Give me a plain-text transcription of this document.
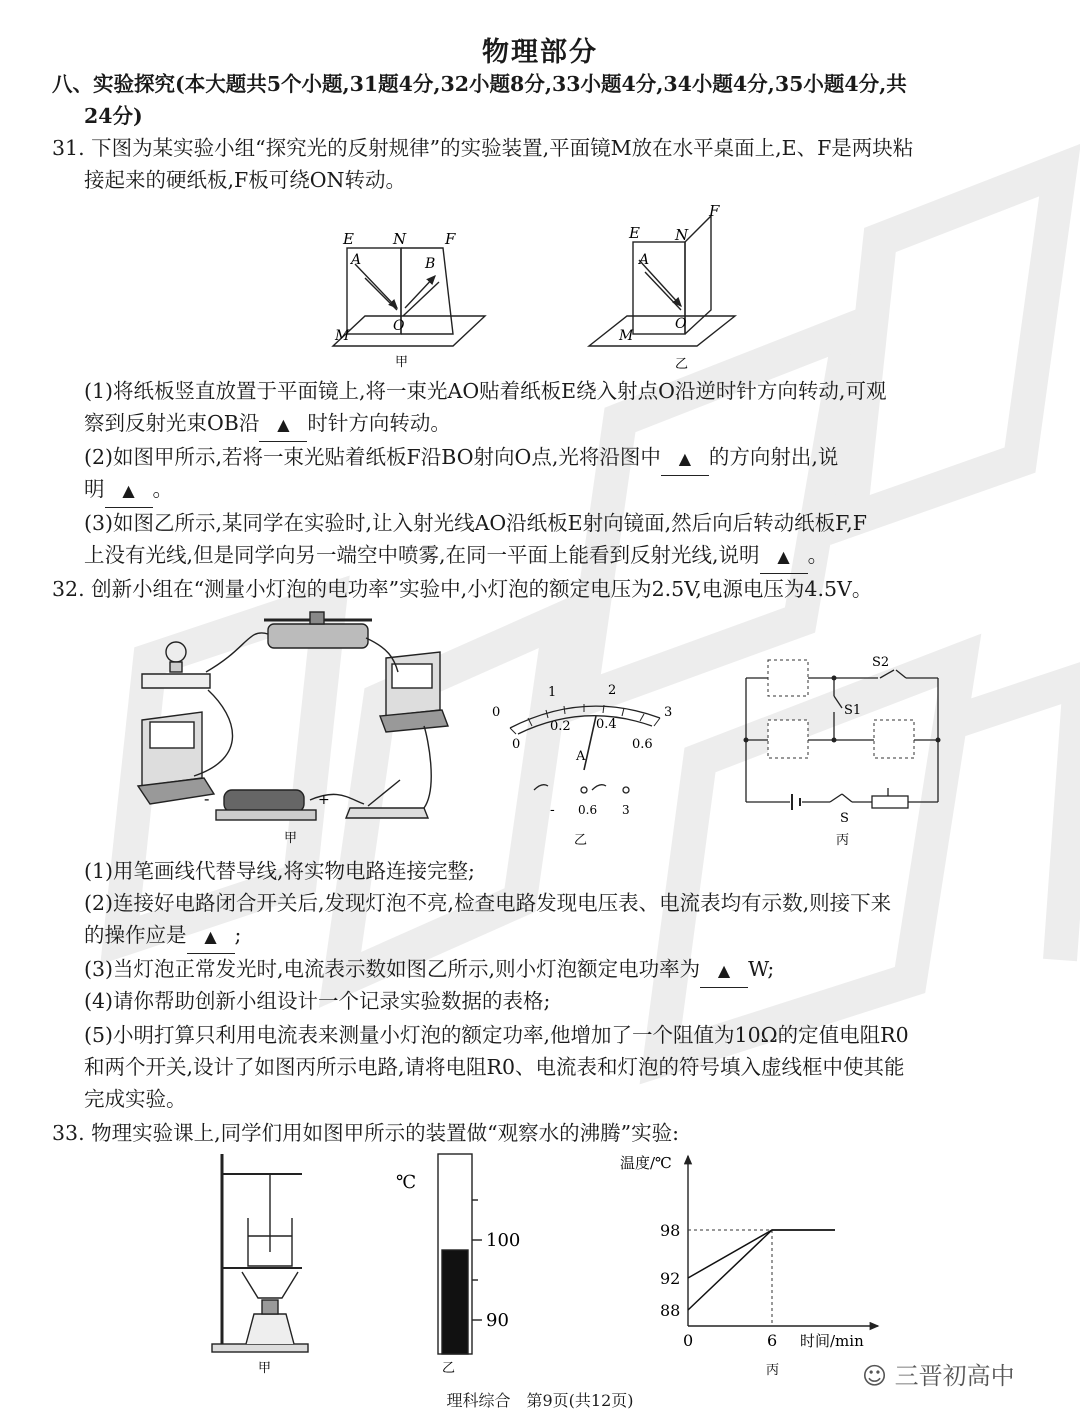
物理部分
八、实验探究(本大题共5个小题,31题4分,32小题8分,33小题4分,34小题4分,35小题4分,共
24分)
31. 下图为某实验小组“探究光的反射规律”的实验装置,平面镜M放在水平桌面上,E、F是两块粘
接起来的硬纸板,F板可绕ON转动。
E	N	F
A	B
O
M
甲
E N
F
A
O
M
乙
(1)将纸板竖直放置于平面镜上,将一束光AO贴着纸板E绕入射点O沿逆时针方向转动,可观
察到反射光束OB沿 ▲ 时针方向转动。
(2)如图甲所示,若将一束光贴着纸板F沿BO射向O点,光将沿图中 ▲ 的方向射出,说
明 ▲ 。
(3)如图乙所示,某同学在实验时,让入射光线AO沿纸板E射向镜面,然后向后转动纸板F,F
上没有光线,但是同学向另一端空中喷雾,在同一平面上能看到反射光线,说明 ▲ 。
32. 创新小组在“测量小灯泡的电功率”实验中,小灯泡的额定电压为2.5V,电源电压为4.5V。
-	+
甲
0
1	2
3
0
0.2 0.4
0.6
A
- 0.6 3
乙
S2
S1
S
丙
(1)用笔画线代替导线,将实物电路连接完整;
(2)连接好电路闭合开关后,发现灯泡不亮,检查电路发现电压表、电流表均有示数,则接下来
的操作应是 ▲ ;
(3)当灯泡正常发光时,电流表示数如图乙所示,则小灯泡额定电功率为 ▲ W;
(4)请你帮助创新小组设计一个记录实验数据的表格;
(5)小明打算只利用电流表来测量小灯泡的额定功率,他增加了一个阻值为10Ω的定值电阻R0
和两个开关,设计了如图丙所示电路,请将电阻R0、电流表和灯泡的符号填入虚线框中使其能
完成实验。
33. 物理实验课上,同学们用如图甲所示的装置做“观察水的沸腾”实验:
甲
℃
100
90
乙
温度/℃
时间/min
88
92
98
0	6
丙
理科综合　第9页(共12页)
☺ 三晋初高中
